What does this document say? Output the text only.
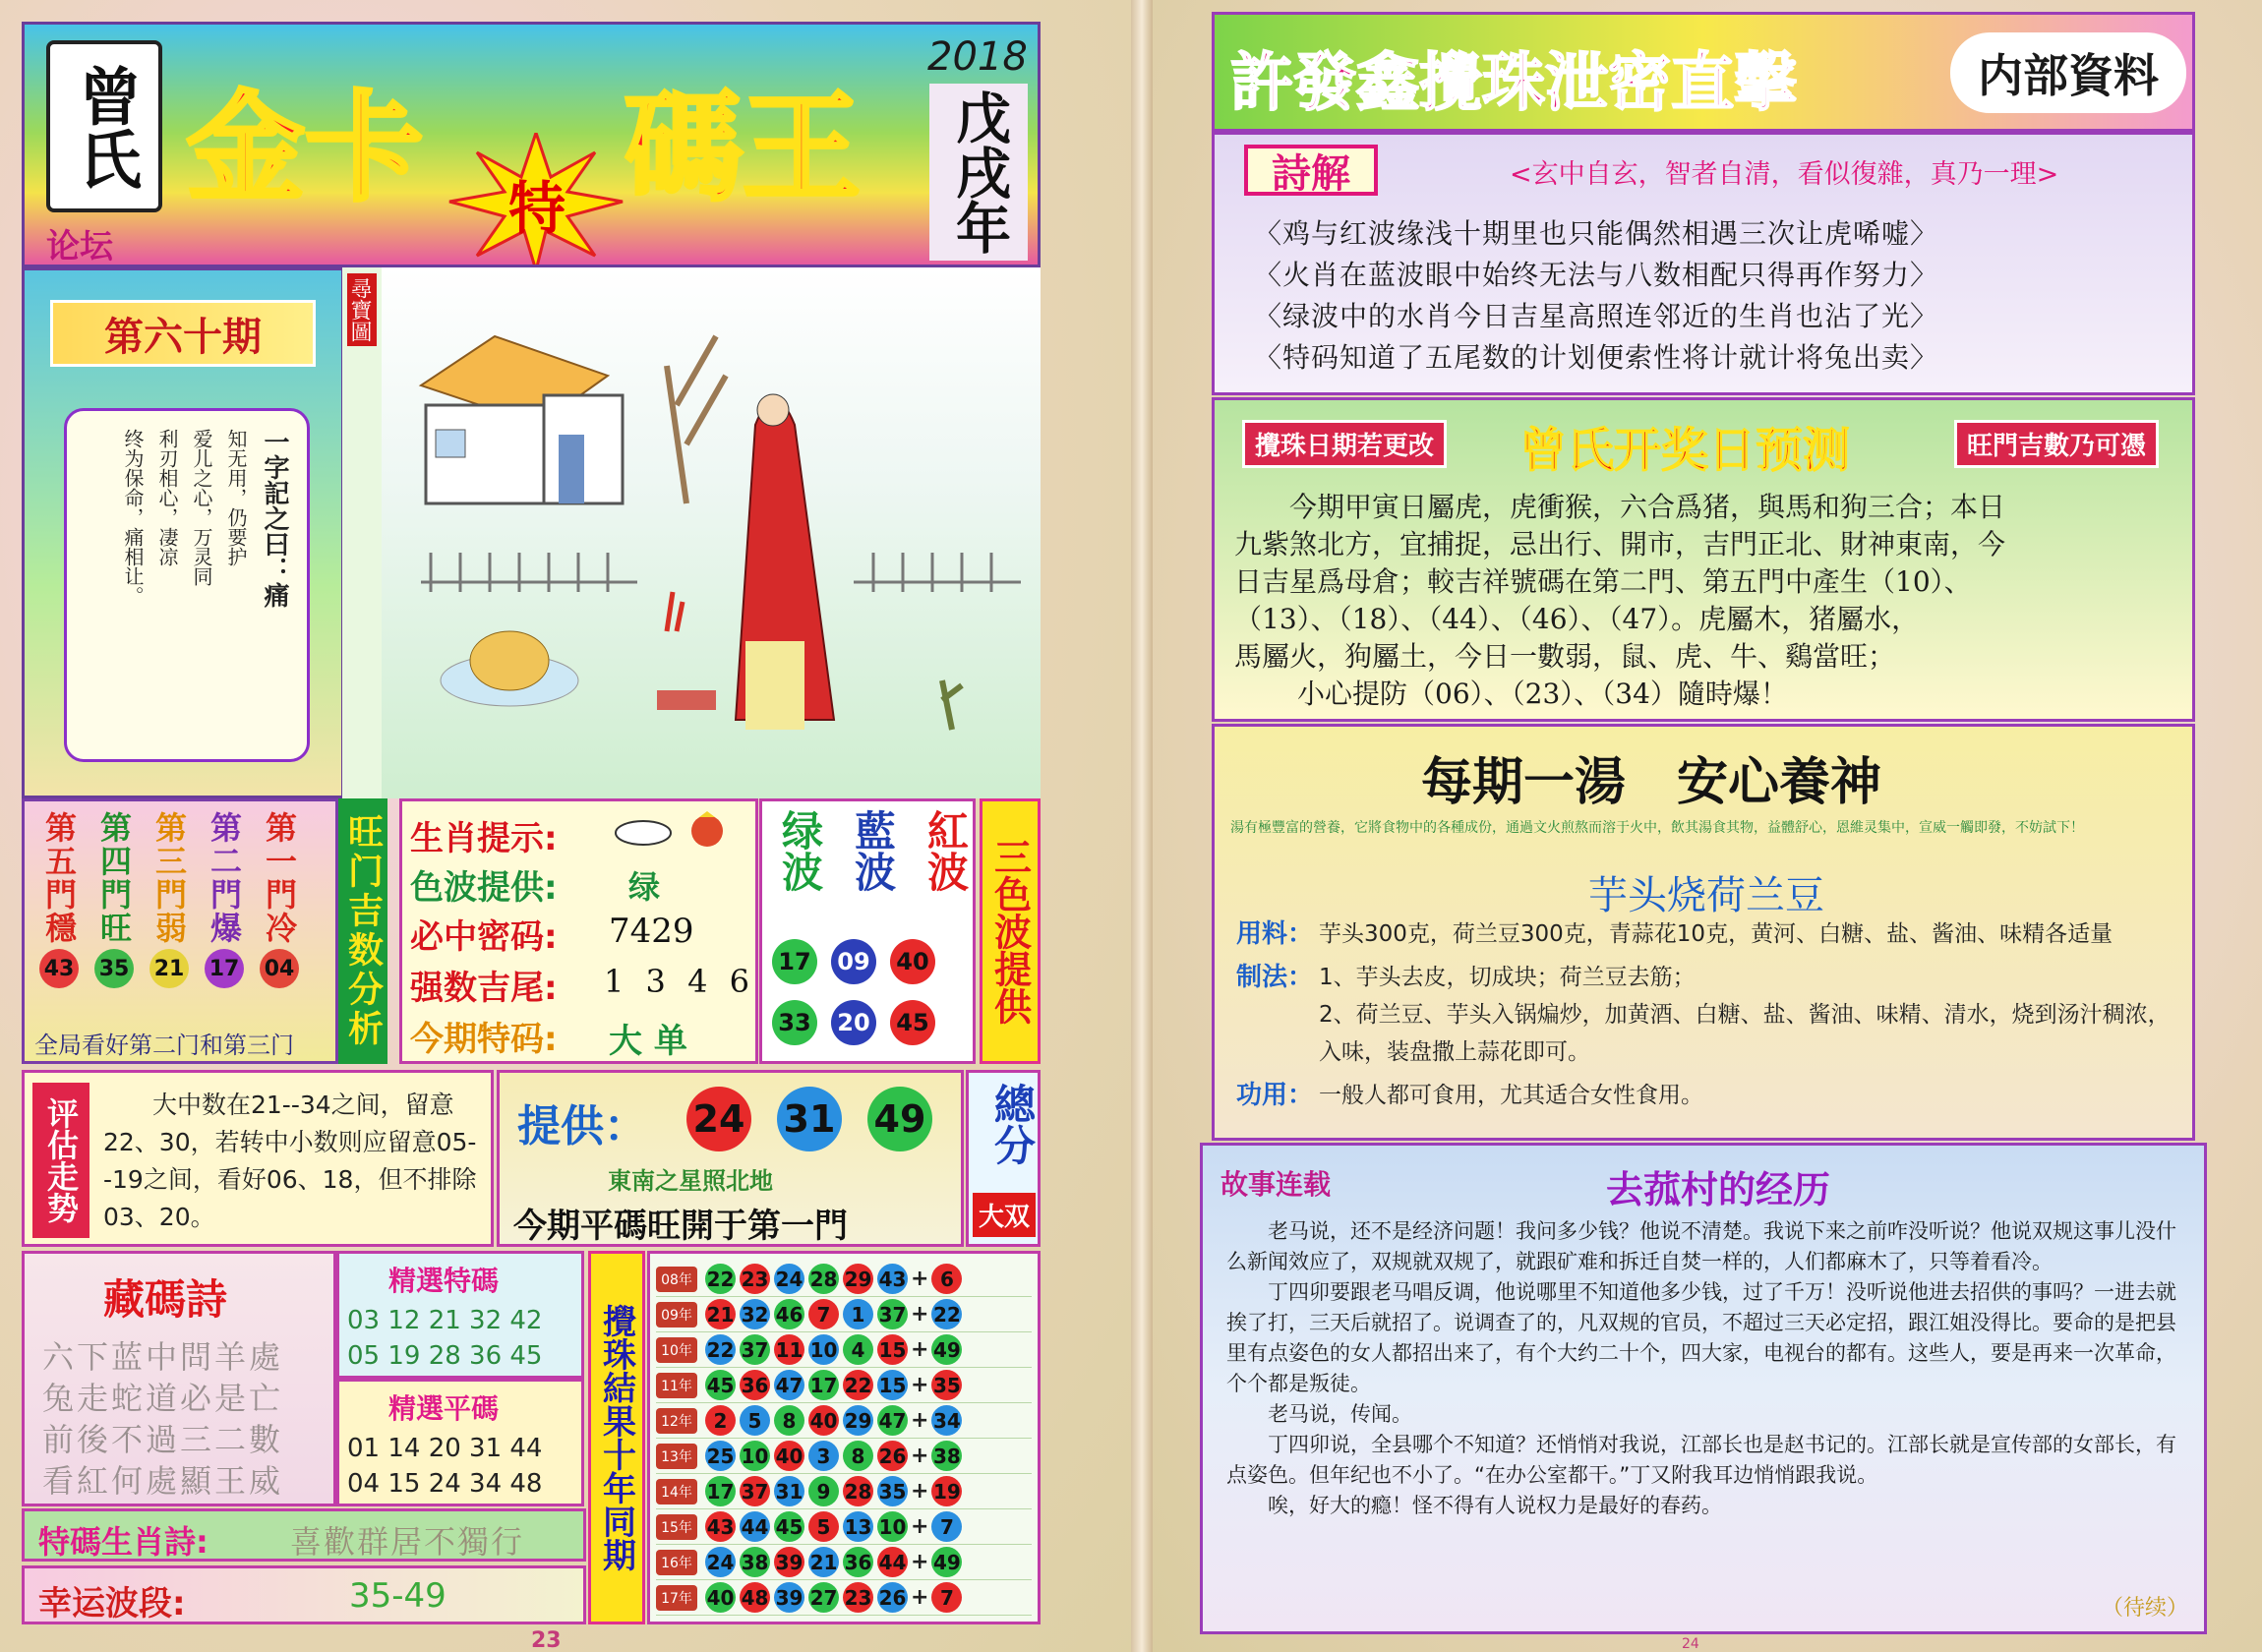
曾氏
论坛
金卡 碼王
特
2018
戊戌年
第六十期
一字記之曰：痛
知无用，仍要护
爱儿之心，万灵同
利刃相心，凄凉
终为保命，痛相让。
尋寶圖
第五門穩
43
第四門旺
35
第三門弱
21
第二門爆
17
第一門冷
04
全局看好第二门和第三门 旺门吉数分析 生肖提示:
色波提供: 绿
必中密码: 7429
强数吉尾: 1 3 4 6
今期特码: 大 单
绿波 藍波 紅波
17 09 40
33 20 45 三色波提供
评估走势	大中数在21--34之间，留意22、30，若转中小数则应留意05--19之间，看好06、18，但不排除03、20。
提供： 24 31 49
東南之星照北地
今期平碼旺開于第一門
總分
大双
藏碼詩
六下蓝中問羊處
兔走蛇道必是亡
前後不過三二數
看紅何處顯王威
精選特碼
03 12 21 32 42
05 19 28 36 45
精選平碼
01 14 20 31 44
04 15 24 34 48 攪珠結果十年同期
08年 22 23 24 28 29 43 + 6
09年 21 32 46 7	1 37 + 22
10年 22 37 11 10 4 15 + 49
11年 45 36 47 17 22 15 + 35
12年	2	5	8 40 29 47 + 34
13年 25 10 40 3	8 26 + 38
14年 17 37 31 9 28 35 + 19
15年 43 44 45 5 13 10 + 7
16年 24 38 39 21 36 44 + 49
17年 40 48 39 27 23 26 + 7
特碼生肖詩:	喜歡群居不獨行
幸运波段:	35-49
23
許發鑫攪珠泄密直擊	内部資料
詩解	<玄中自玄，智者自清，看似復雜，真乃一理>
〈鸡与红波缘浅十期里也只能偶然相遇三次让虎唏嘘〉
〈火肖在蓝波眼中始终无法与八数相配只得再作努力〉
〈绿波中的水肖今日吉星高照连邻近的生肖也沾了光〉
〈特码知道了五尾数的计划便索性将计就计将兔出卖〉
攪珠日期若更改 曾氏开奖日预测	旺門吉數乃可憑
今期甲寅日屬虎，虎衝猴，六合爲猪，與馬和狗三合；本日
九紫煞北方，宜捕捉，忌出行、開市，吉門正北、財神東南，今
日吉星爲母倉；較吉祥號碼在第二門、第五門中產生（10）、
（13）、（18）、（44）、（46）、（47）。虎屬木，猪屬水，
馬屬火，狗屬土，今日一數弱，鼠、虎、牛、鷄當旺；
小心提防（06）、（23）、（34）隨時爆！
每期一湯　安心養神
湯有極豐富的營養，它將食物中的各種成份，通過文火煎熬而溶于火中，飲其湯食其物，益體舒心，恩維灵集中，宣威一觸即發，不妨試下！
芋头烧荷兰豆
用料： 芋头300克，荷兰豆300克，青蒜花10克，黄河、白糖、盐、酱油、味精各适量
制法： 1、芋头去皮，切成块；荷兰豆去筋；
2、荷兰豆、芋头入锅煸炒，加黄酒、白糖、盐、酱油、味精、清水，烧到汤汁稠浓，入味，装盘撒上蒜花即可。
功用： 一般人都可食用，尤其适合女性食用。
故事连载	去菰村的经历

老马说，还不是经济问题！我问多少钱？他说不清楚。我说下来之前咋没听说？他说双规这事儿没什么新闻效应了，双规就双规了，就跟矿难和拆迁自焚一样的，人们都麻木了，只等着看冷。

丁四卯要跟老马唱反调，他说哪里不知道他多少钱，过了千万！没听说他进去招供的事吗？一进去就挨了打，三天后就招了。说调查了的，凡双规的官员，不超过三天必定招，跟江姐没得比。要命的是把县里有点姿色的女人都招出来了，有个大约二十个，四大家，电视台的都有。这些人，要是再来一次革命，个个都是叛徒。

老马说，传闻。

丁四卯说，全县哪个不知道？还悄悄对我说，江部长也是赵书记的。江部长就是宣传部的女部长，有点姿色。但年纪也不小了。“在办公室都干。”丁又附我耳边悄悄跟我说。

唉，好大的瘾！怪不得有人说权力是最好的春药。

（待续）
24
